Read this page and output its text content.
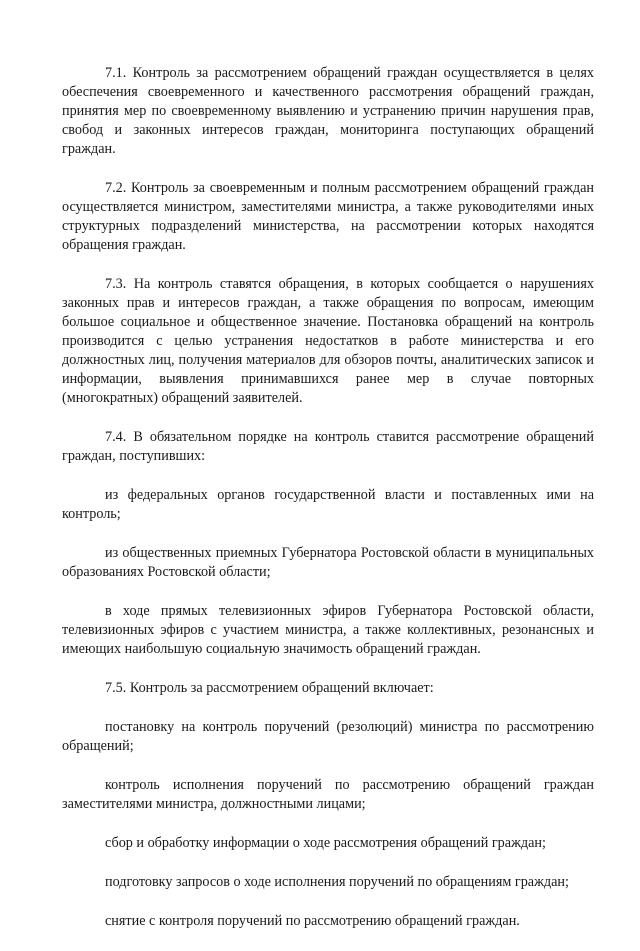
7.1. Контроль за рассмотрением обращений граждан осуществляется в целях обеспечения своевременного и качественного рассмотрения обращений граждан, принятия мер по своевременному выявлению и устранению причин нарушения прав, свобод и законных интересов граждан, мониторинга поступающих обращений граждан.

7.2. Контроль за своевременным и полным рассмотрением обращений граждан осуществляется министром, заместителями министра, а также руководителями иных структурных подразделений министерства, на рассмотрении которых находятся обращения граждан.

7.3. На контроль ставятся обращения, в которых сообщается о нарушениях законных прав и интересов граждан, а также обращения по вопросам, имеющим большое социальное и общественное значение. Постановка обращений на контроль производится с целью устранения недостатков в работе министерства и его должностных лиц, получения материалов для обзоров почты, аналитических записок и информации, выявления принимавшихся ранее мер в случае повторных (многократных) обращений заявителей.

7.4. В обязательном порядке на контроль ставится рассмотрение обращений граждан, поступивших:

из федеральных органов государственной власти и поставленных ими на контроль;

из общественных приемных Губернатора Ростовской области в муниципальных образованиях Ростовской области;

в ходе прямых телевизионных эфиров Губернатора Ростовской области, телевизионных эфиров с участием министра, а также коллективных, резонансных и имеющих наибольшую социальную значимость обращений граждан.

7.5. Контроль за рассмотрением обращений включает:

постановку на контроль поручений (резолюций) министра по рассмотрению обращений;

контроль исполнения поручений по рассмотрению обращений граждан заместителями министра, должностными лицами;

сбор и обработку информации о ходе рассмотрения обращений граждан;

подготовку запросов о ходе исполнения поручений по обращениям граждан;

снятие с контроля поручений по рассмотрению обращений граждан.
